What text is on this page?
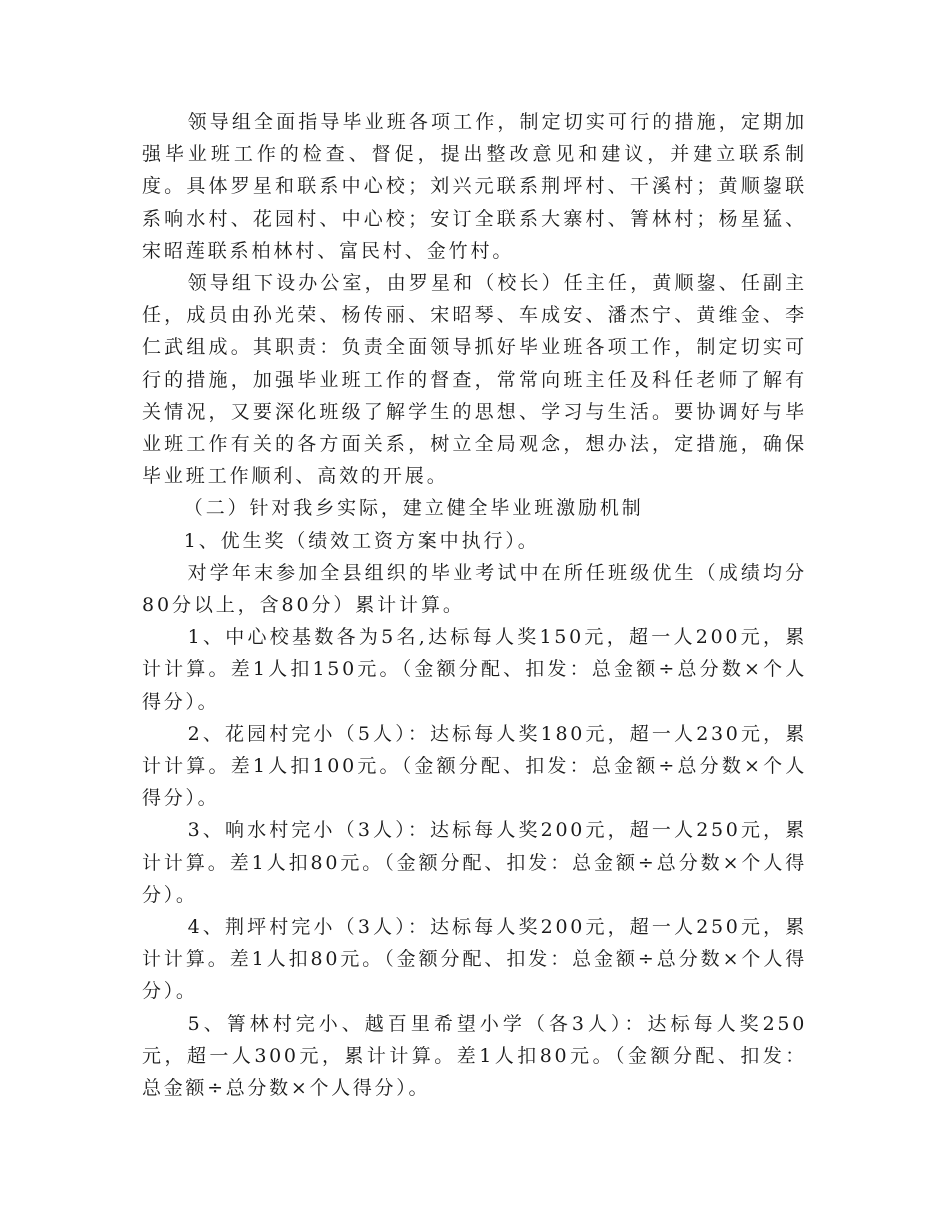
领导组全面指导毕业班各项工作，制定切实可行的措施，定期加强毕业班工作的检查、督促，提出整改意见和建议，并建立联系制度。具体罗星和联系中心校；刘兴元联系荆坪村、干溪村；黄顺鋆联系响水村、花园村、中心校；安订全联系大寨村、箐林村；杨星猛、宋昭莲联系柏林村、富民村、金竹村。

领导组下设办公室，由罗星和（校长）任主任，黄顺鋆、任副主任，成员由孙光荣、杨传丽、宋昭琴、车成安、潘杰宁、黄维金、李仁武组成。其职责：负责全面领导抓好毕业班各项工作，制定切实可行的措施，加强毕业班工作的督查，常常向班主任及科任老师了解有关情况，又要深化班级了解学生的思想、学习与生活。要协调好与毕业班工作有关的各方面关系，树立全局观念，想办法，定措施，确保毕业班工作顺利、高效的开展。

（二）针对我乡实际，建立健全毕业班激励机制

1、优生奖（绩效工资方案中执行）。

对学年末参加全县组织的毕业考试中在所任班级优生（成绩均分80分以上，含80分）累计计算。

1、中心校基数各为5名,达标每人奖150元，超一人200元，累计计算。差1人扣150元。（金额分配、扣发：总金额÷总分数×个人得分）。

2、花园村完小（5人）：达标每人奖180元，超一人230元，累计计算。差1人扣100元。（金额分配、扣发：总金额÷总分数×个人得分）。

3、响水村完小（3人）：达标每人奖200元，超一人250元，累计计算。差1人扣80元。（金额分配、扣发：总金额÷总分数×个人得分）。

4、荆坪村完小（3人）：达标每人奖200元，超一人250元，累计计算。差1人扣80元。（金额分配、扣发：总金额÷总分数×个人得分）。

5、箐林村完小、越百里希望小学（各3人）：达标每人奖250元，超一人300元，累计计算。差1人扣80元。（金额分配、扣发：总金额÷总分数×个人得分）。
